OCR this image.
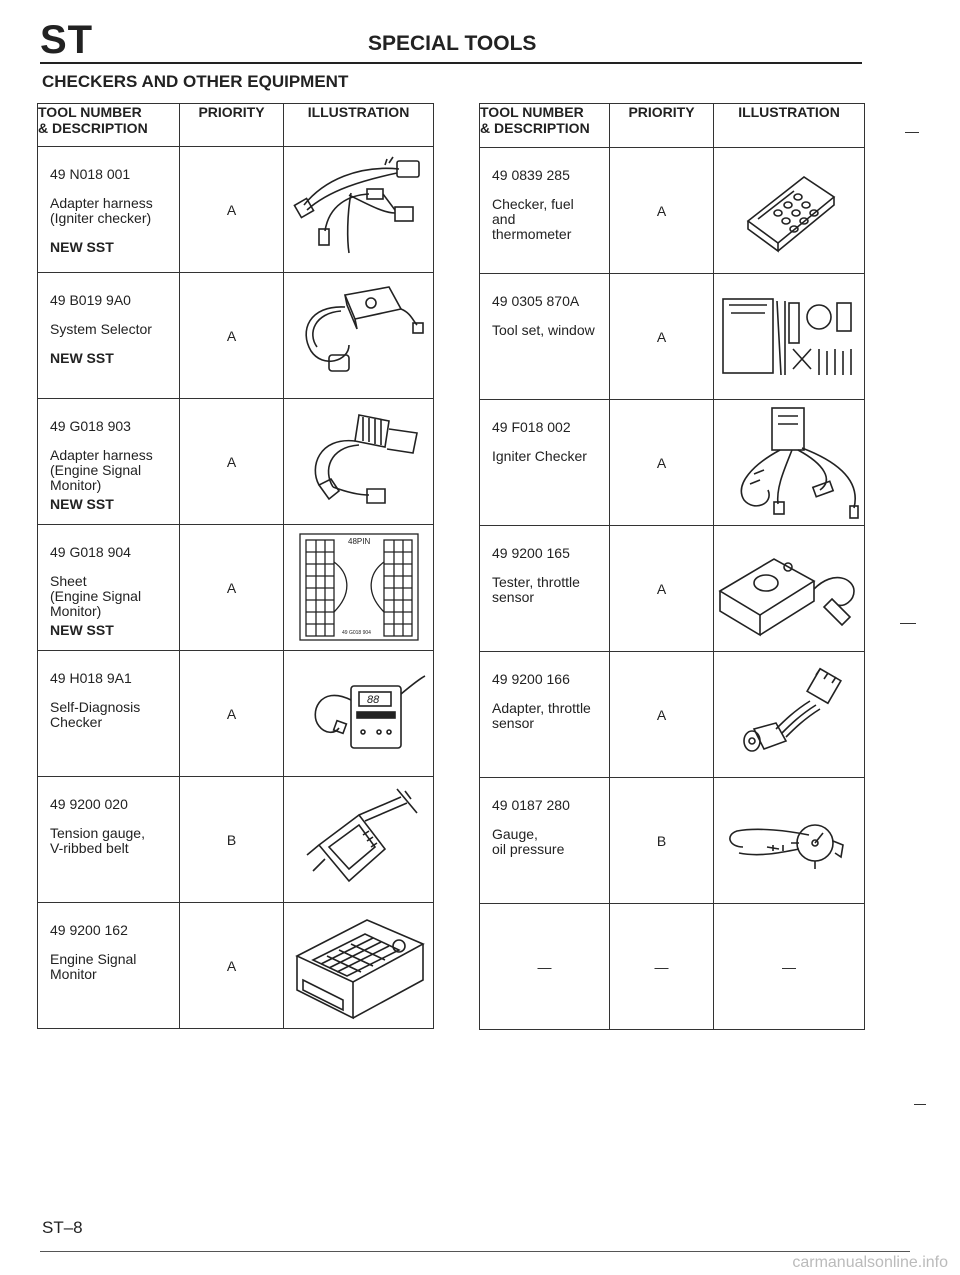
ST	SPECIAL TOOLS
CHECKERS AND OTHER EQUIPMENT
TOOL NUMBER
& DESCRIPTION	PRIORITY	ILLUSTRATION

49 N018 001
Adapter harness
(Igniter checker)
NEW SST	A	

49 B019 9A0
System Selector
NEW SST	A	

49 G018 903
Adapter harness
(Engine Signal
Monitor)
NEW SST	A	

49 G018 904
Sheet
(Engine Signal
Monitor)
NEW SST	A	48PIN
49 G018 904

49 H018 9A1
Self-Diagnosis
Checker	A	88

49 9200 020
Tension gauge,
V-ribbed belt	B	

49 9200 162
Engine Signal
Monitor	A	
TOOL NUMBER
& DESCRIPTION	PRIORITY	ILLUSTRATION

49 0839 285
Checker, fuel and
thermometer	A	

49 0305 870A
Tool set, window	A	

49 F018 002
Igniter Checker	A	

49 9200 165
Tester, throttle
sensor	A	

49 9200 166
Adapter, throttle
sensor	A	

49 0187 280
Gauge,
oil pressure	B	

—	—	—
ST–8
carmanualsonline.info
